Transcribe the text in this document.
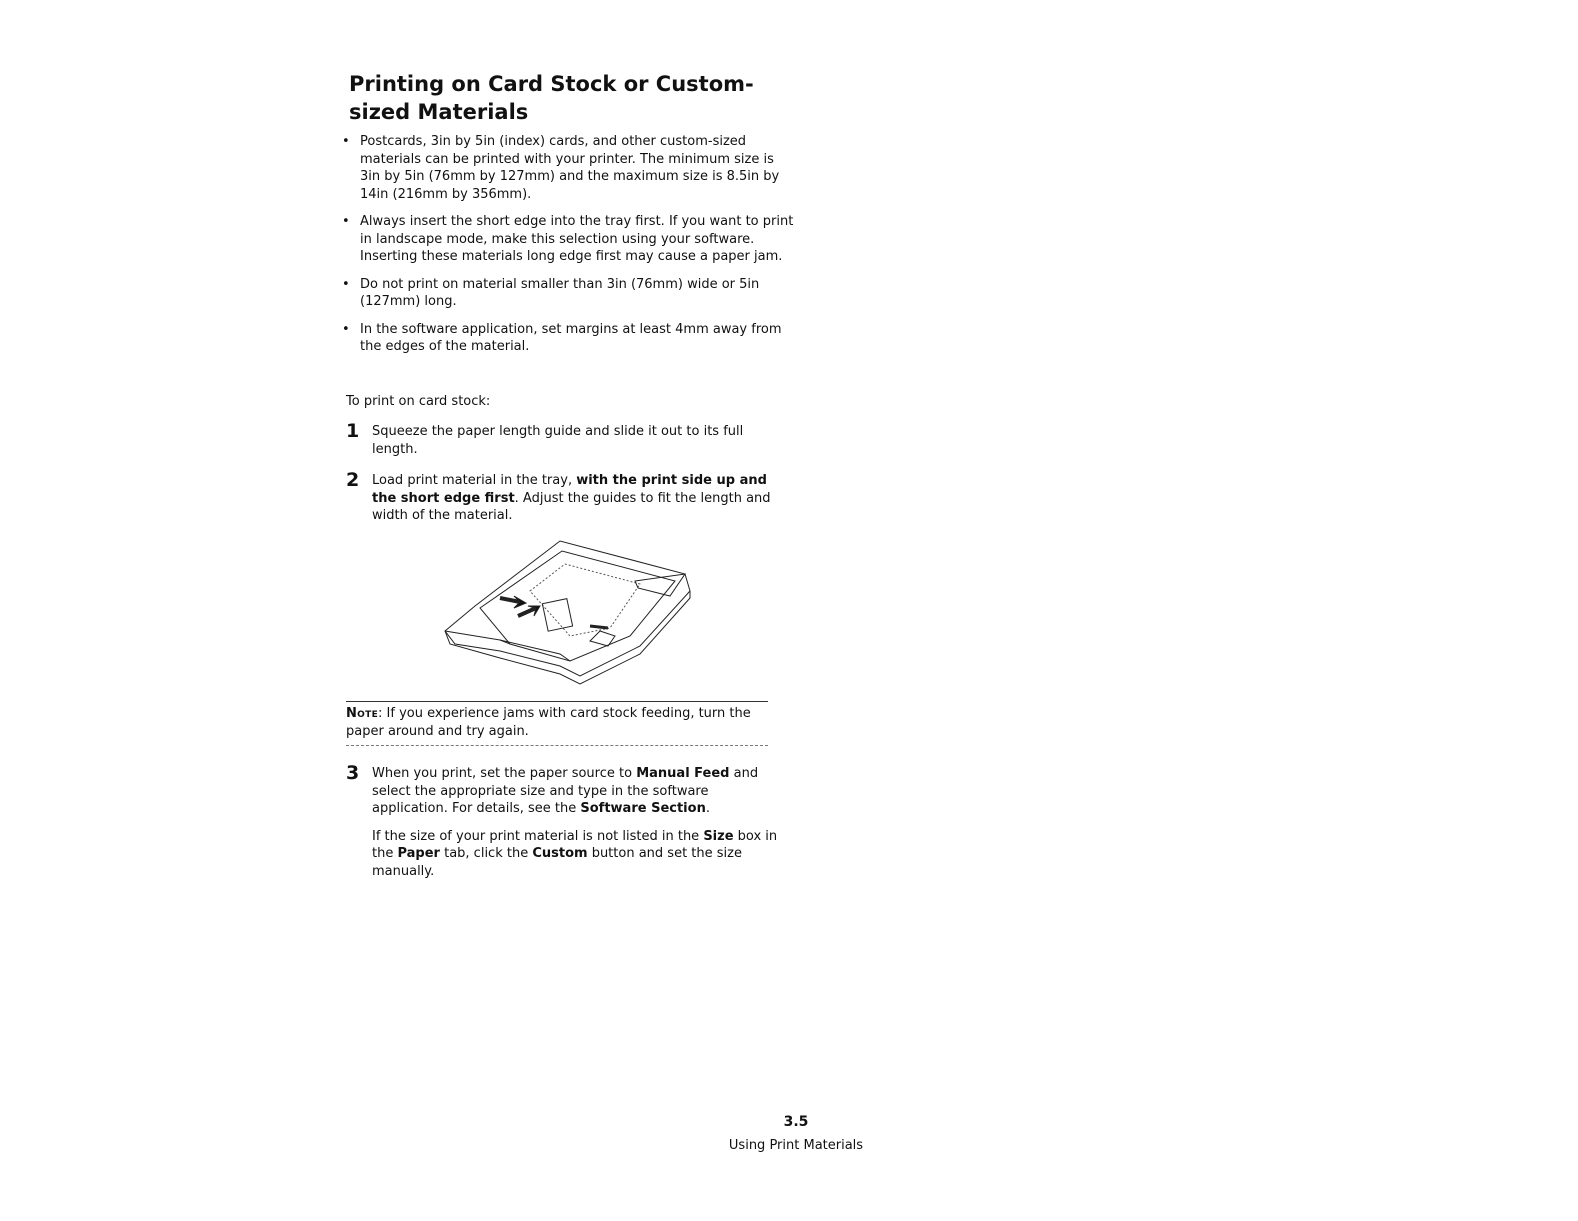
Printing on Card Stock or Custom-sized Materials
• Postcards, 3in by 5in (index) cards, and other custom-sized materials can be printed with your printer. The minimum size is 3in by 5in (76mm by 127mm) and the maximum size is 8.5in by 14in (216mm by 356mm).
• Always insert the short edge into the tray first. If you want to print in landscape mode, make this selection using your software. Inserting these materials long edge first may cause a paper jam.
• Do not print on material smaller than 3in (76mm) wide or 5in (127mm) long.
• In the software application, set margins at least 4mm away from the edges of the material.

To print on card stock:

1 Squeeze the paper length guide and slide it out to its full length.

2 Load print material in the tray, with the print side up and the short edge first. Adjust the guides to fit the length and width of the material.

Note: If you experience jams with card stock feeding, turn the paper around and try again.
3 When you print, set the paper source to Manual Feed and select the appropriate size and type in the software application. For details, see the Software Section.

If the size of your print material is not listed in the Size box in the Paper tab, click the Custom button and set the size manually.

3.5
Using Print Materials
